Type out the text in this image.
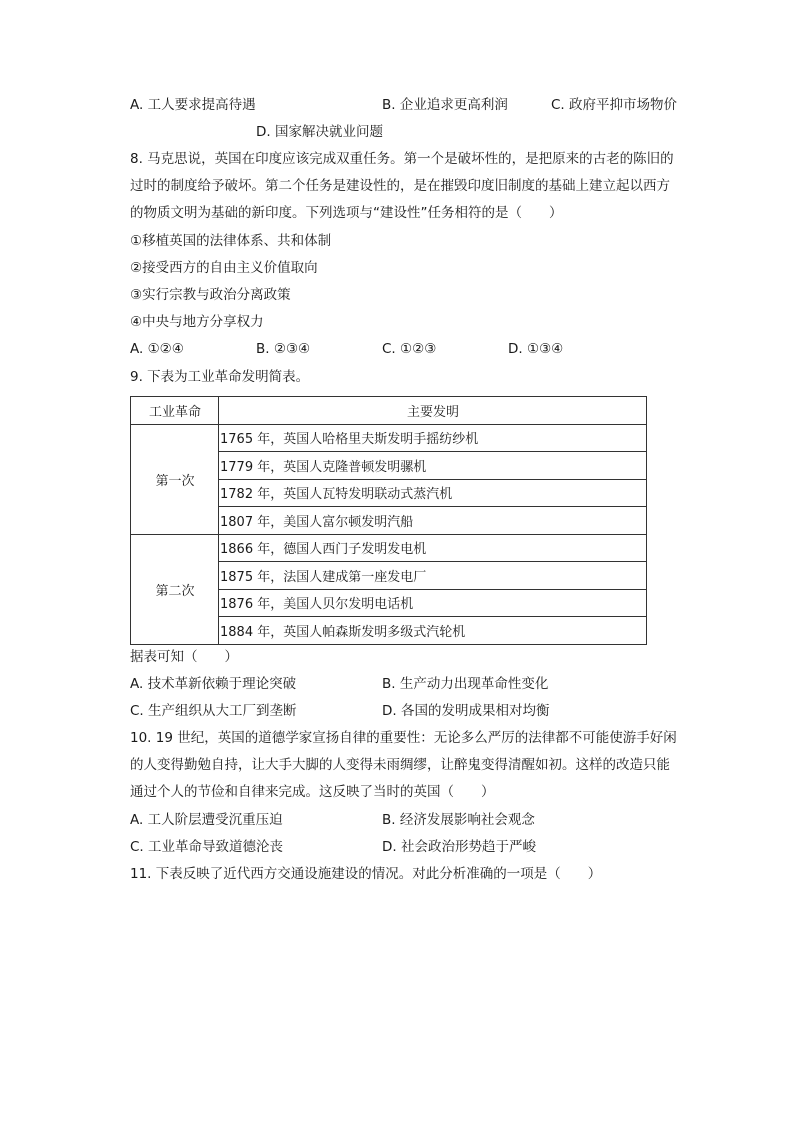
A. 工人要求提高待遇	B. 企业追求更高利润	C. 政府平抑市场物价
D. 国家解决就业问题
8. 马克思说，英国在印度应该完成双重任务。第一个是破坏性的，是把原来的古老的陈旧的
过时的制度给予破坏。第二个任务是建设性的，是在摧毁印度旧制度的基础上建立起以西方
的物质文明为基础的新印度。下列选项与“建设性”任务相符的是（　　）
①移植英国的法律体系、共和体制
②接受西方的自由主义价值取向
③实行宗教与政治分离政策
④中央与地方分享权力
A. ①②④	B. ②③④	C. ①②③	D. ①③④
9. 下表为工业革命发明简表。
工业革命	主要发明
第一次	1765 年，英国人哈格里夫斯发明手摇纺纱机
	1779 年，英国人克隆普顿发明骡机
	1782 年，英国人瓦特发明联动式蒸汽机
	1807 年，美国人富尔顿发明汽船
第二次	1866 年，德国人西门子发明发电机
	1875 年，法国人建成第一座发电厂
	1876 年，美国人贝尔发明电话机
	1884 年，英国人帕森斯发明多级式汽轮机
据表可知（　　）
A. 技术革新依赖于理论突破	B. 生产动力出现革命性变化
C. 生产组织从大工厂到垄断	D. 各国的发明成果相对均衡
10. 19 世纪，英国的道德学家宣扬自律的重要性：无论多么严厉的法律都不可能使游手好闲
的人变得勤勉自持，让大手大脚的人变得未雨绸缪，让醉鬼变得清醒如初。这样的改造只能
通过个人的节俭和自律来完成。这反映了当时的英国（　　）
A. 工人阶层遭受沉重压迫	B. 经济发展影响社会观念
C. 工业革命导致道德沦丧	D. 社会政治形势趋于严峻
11. 下表反映了近代西方交通设施建设的情况。对此分析准确的一项是（　　）
